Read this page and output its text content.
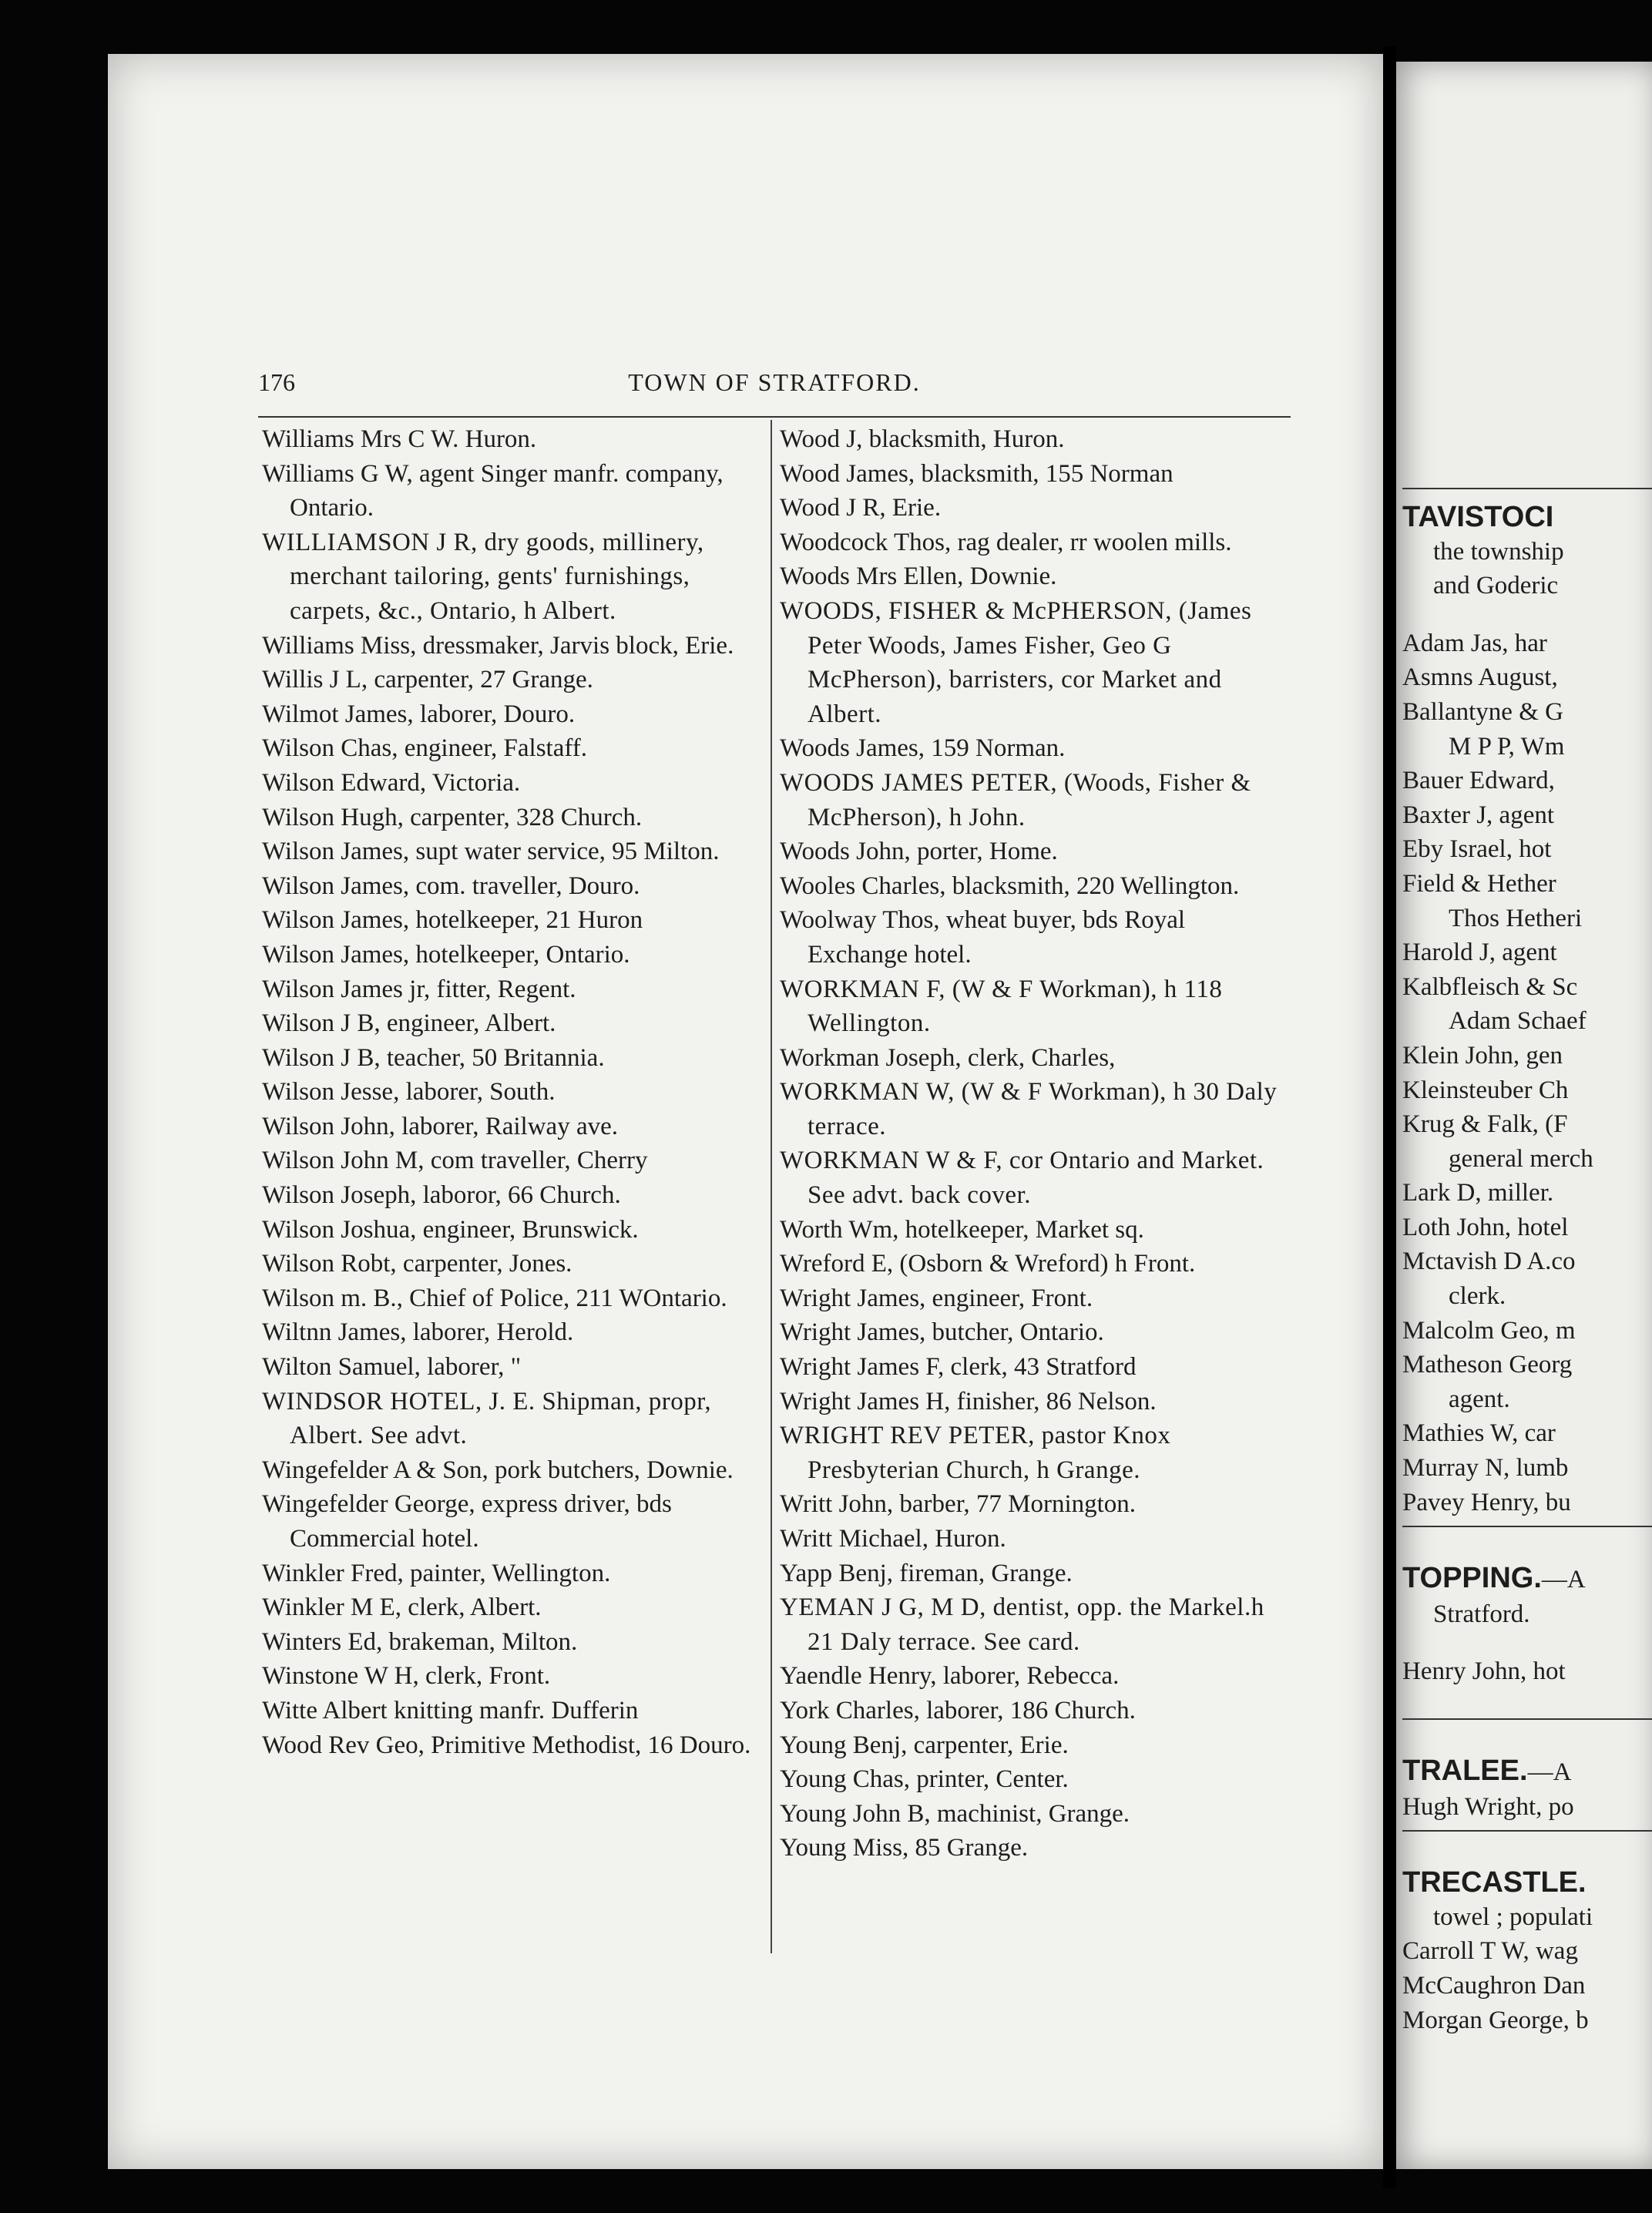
176	TOWN OF STRATFORD.
Williams Mrs C W. Huron.
Williams G W, agent Singer manfr. company, Ontario.
WILLIAMSON J R, dry goods, millinery, merchant tailoring, gents' furnishings, carpets, &c., Ontario, h Albert.
Williams Miss, dressmaker, Jarvis block, Erie.
Willis J L, carpenter, 27 Grange.
Wilmot James, laborer, Douro.
Wilson Chas, engineer, Falstaff.
Wilson Edward, Victoria.
Wilson Hugh, carpenter, 328 Church.
Wilson James, supt water service, 95 Milton.
Wilson James, com. traveller, Douro.
Wilson James, hotelkeeper, 21 Huron
Wilson James, hotelkeeper, Ontario.
Wilson James jr, fitter, Regent.
Wilson J B, engineer, Albert.
Wilson J B, teacher, 50 Britannia.
Wilson Jesse, laborer, South.
Wilson John, laborer, Railway ave.
Wilson John M, com traveller, Cherry
Wilson Joseph, laboror, 66 Church.
Wilson Joshua, engineer, Brunswick.
Wilson Robt, carpenter, Jones.
Wilson m. B., Chief of Police, 211 WOntario.
Wiltnn James, laborer, Herold.
Wilton Samuel, laborer, "
WINDSOR HOTEL, J. E. Shipman, propr, Albert. See advt.
Wingefelder A & Son, pork butchers, Downie.
Wingefelder George, express driver, bds Commercial hotel.
Winkler Fred, painter, Wellington.
Winkler M E, clerk, Albert.
Winters Ed, brakeman, Milton.
Winstone W H, clerk, Front.
Witte Albert knitting manfr. Dufferin
Wood Rev Geo, Primitive Methodist, 16 Douro.
Wood J, blacksmith, Huron.
Wood James, blacksmith, 155 Norman
Wood J R, Erie.
Woodcock Thos, rag dealer, rr woolen mills.
Woods Mrs Ellen, Downie.
WOODS, FISHER & McPHERSON, (James Peter Woods, James Fisher, Geo G McPherson), barristers, cor Market and Albert.
Woods James, 159 Norman.
WOODS JAMES PETER, (Woods, Fisher & McPherson), h John.
Woods John, porter, Home.
Wooles Charles, blacksmith, 220 Wellington.
Woolway Thos, wheat buyer, bds Royal Exchange hotel.
WORKMAN F, (W & F Workman), h 118 Wellington.
Workman Joseph, clerk, Charles,
WORKMAN W, (W & F Workman), h 30 Daly terrace.
WORKMAN W & F, cor Ontario and Market. See advt. back cover.
Worth Wm, hotelkeeper, Market sq.
Wreford E, (Osborn & Wreford) h Front.
Wright James, engineer, Front.
Wright James, butcher, Ontario.
Wright James F, clerk, 43 Stratford
Wright James H, finisher, 86 Nelson.
WRIGHT REV PETER, pastor Knox Presbyterian Church, h Grange.
Writt John, barber, 77 Mornington.
Writt Michael, Huron.
Yapp Benj, fireman, Grange.
YEMAN J G, M D, dentist, opp. the Markel.h 21 Daly terrace. See card.
Yaendle Henry, laborer, Rebecca.
York Charles, laborer, 186 Church.
Young Benj, carpenter, Erie.
Young Chas, printer, Center.
Young John B, machinist, Grange.
Young Miss, 85 Grange.
TAVISTOCI
the township
and Goderic
Adam Jas, har
Asmns August,
Ballantyne & G
M P P, Wm
Bauer Edward,
Baxter J, agent
Eby Israel, hot
Field & Hether
Thos Hetheri
Harold J, agent
Kalbfleisch & Sc
Adam Schaef
Klein John, gen
Kleinsteuber Ch
Krug & Falk, (F
general merch
Lark D, miller.
Loth John, hotel
Mctavish D A.co
clerk.
Malcolm Geo, m
Matheson Georg
agent.
Mathies W, car
Murray N, lumb
Pavey Henry, bu
TOPPING.—A
Stratford.
Henry John, hot
TRALEE.—A
Hugh Wright, po
TRECASTLE.
towel ; populati
Carroll T W, wag
McCaughron Dan
Morgan George, b
